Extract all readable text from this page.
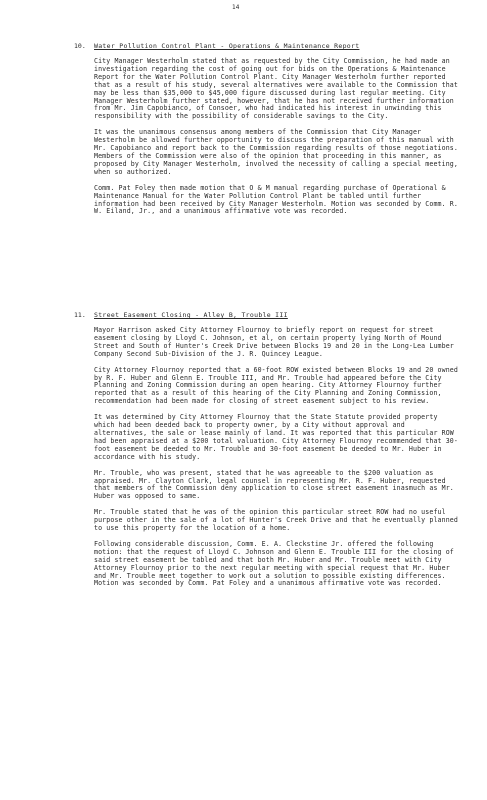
14
10. Water Pollution Control Plant - Operations & Maintenance Report

City Manager Westerholm stated that as requested by the City Commission, he had made an investigation regarding the cost of going out for bids on the Operations & Maintenance Report for the Water Pollution Control Plant. City Manager Westerholm further reported that as a result of his study, several alternatives were available to the Commission that may be less than $35,000 to $45,000 figure discussed during last regular meeting. City Manager Westerholm further stated, however, that he has not received further information from Mr. Jim Capobianco, of Consoer, who had indicated his interest in unwinding this responsibility with the possibility of considerable savings to the City.

It was the unanimous consensus among members of the Commission that City Manager Westerholm be allowed further opportunity to discuss the preparation of this manual with Mr. Capobianco and report back to the Commission regarding results of those negotiations. Members of the Commission were also of the opinion that proceeding in this manner, as proposed by City Manager Westerholm, involved the necessity of calling a special meeting, when so authorized.

Comm. Pat Foley then made motion that O & M manual regarding purchase of Operational & Maintenance Manual for the Water Pollution Control Plant be tabled until further information had been received by City Manager Westerholm. Motion was seconded by Comm. R. W. Eiland, Jr., and a unanimous affirmative vote was recorded.

11. Street Easement Closing - Alley B, Trouble III

Mayor Harrison asked City Attorney Flournoy to briefly report on request for street easement closing by Lloyd C. Johnson, et al, on certain property lying North of Mound Street and South of Hunter's Creek Drive between Blocks 19 and 20 in the Long-Lea Lumber Company Second Sub-Division of the J. R. Quincey League.

City Attorney Flournoy reported that a 60-foot ROW existed between Blocks 19 and 20 owned by R. F. Huber and Glenn E. Trouble III, and Mr. Trouble had appeared before the City Planning and Zoning Commission during an open hearing. City Attorney Flournoy further reported that as a result of this hearing of the City Planning and Zoning Commission, recommendation had been made for closing of street easement subject to his review.

It was determined by City Attorney Flournoy that the State Statute provided property which had been deeded back to property owner, by a City without approval and alternatives, the sale or lease mainly of land. It was reported that this particular ROW had been appraised at a $200 total valuation. City Attorney Flournoy recommended that 30-foot easement be deeded to Mr. Trouble and 30-foot easement be deeded to Mr. Huber in accordance with his study.

Mr. Trouble, who was present, stated that he was agreeable to the $200 valuation as appraised. Mr. Clayton Clark, legal counsel in representing Mr. R. F. Huber, requested that members of the Commission deny application to close street easement inasmuch as Mr. Huber was opposed to same.

Mr. Trouble stated that he was of the opinion this particular street ROW had no useful purpose other in the sale of a lot of Hunter's Creek Drive and that he eventually planned to use this property for the location of a home.

Following considerable discussion, Comm. E. A. Cleckstine Jr. offered the following motion: that the request of Lloyd C. Johnson and Glenn E. Trouble III for the closing of said street easement be tabled and that both Mr. Huber and Mr. Trouble meet with City Attorney Flournoy prior to the next regular meeting with special request that Mr. Huber and Mr. Trouble meet together to work out a solution to possible existing differences. Motion was seconded by Comm. Pat Foley and a unanimous affirmative vote was recorded.
